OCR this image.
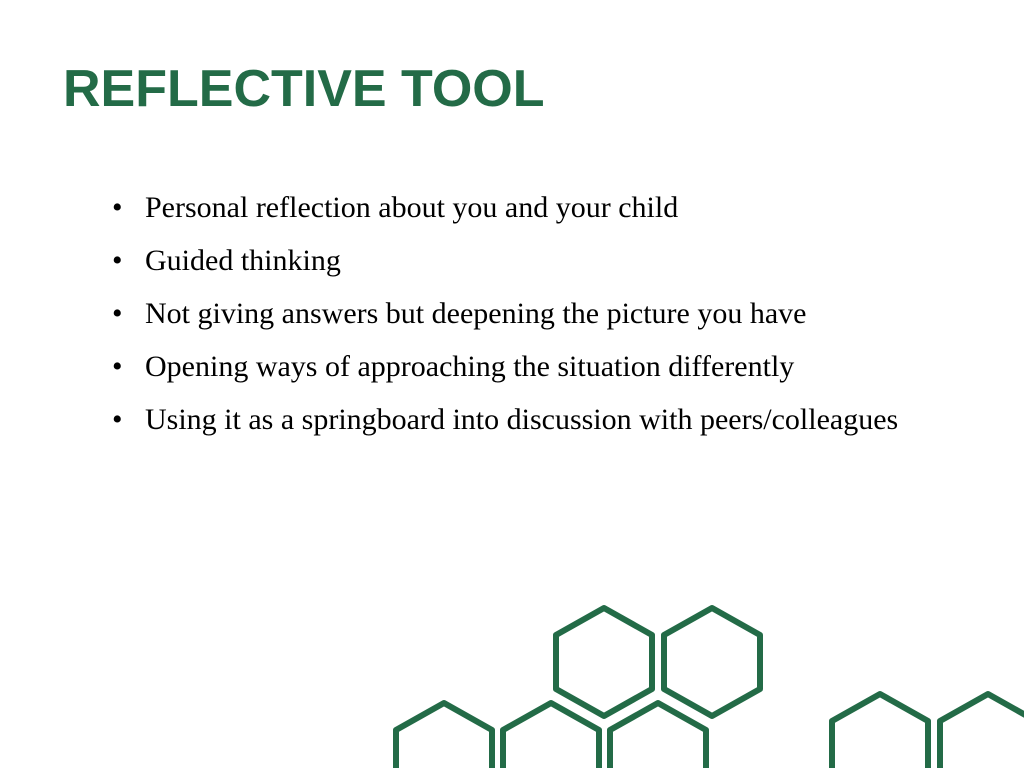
REFLECTIVE TOOL
• Personal reflection about you and your child
• Guided thinking
• Not giving answers but deepening the picture you have
• Opening ways of approaching the situation differently
• Using it as a springboard into discussion with peers/colleagues
